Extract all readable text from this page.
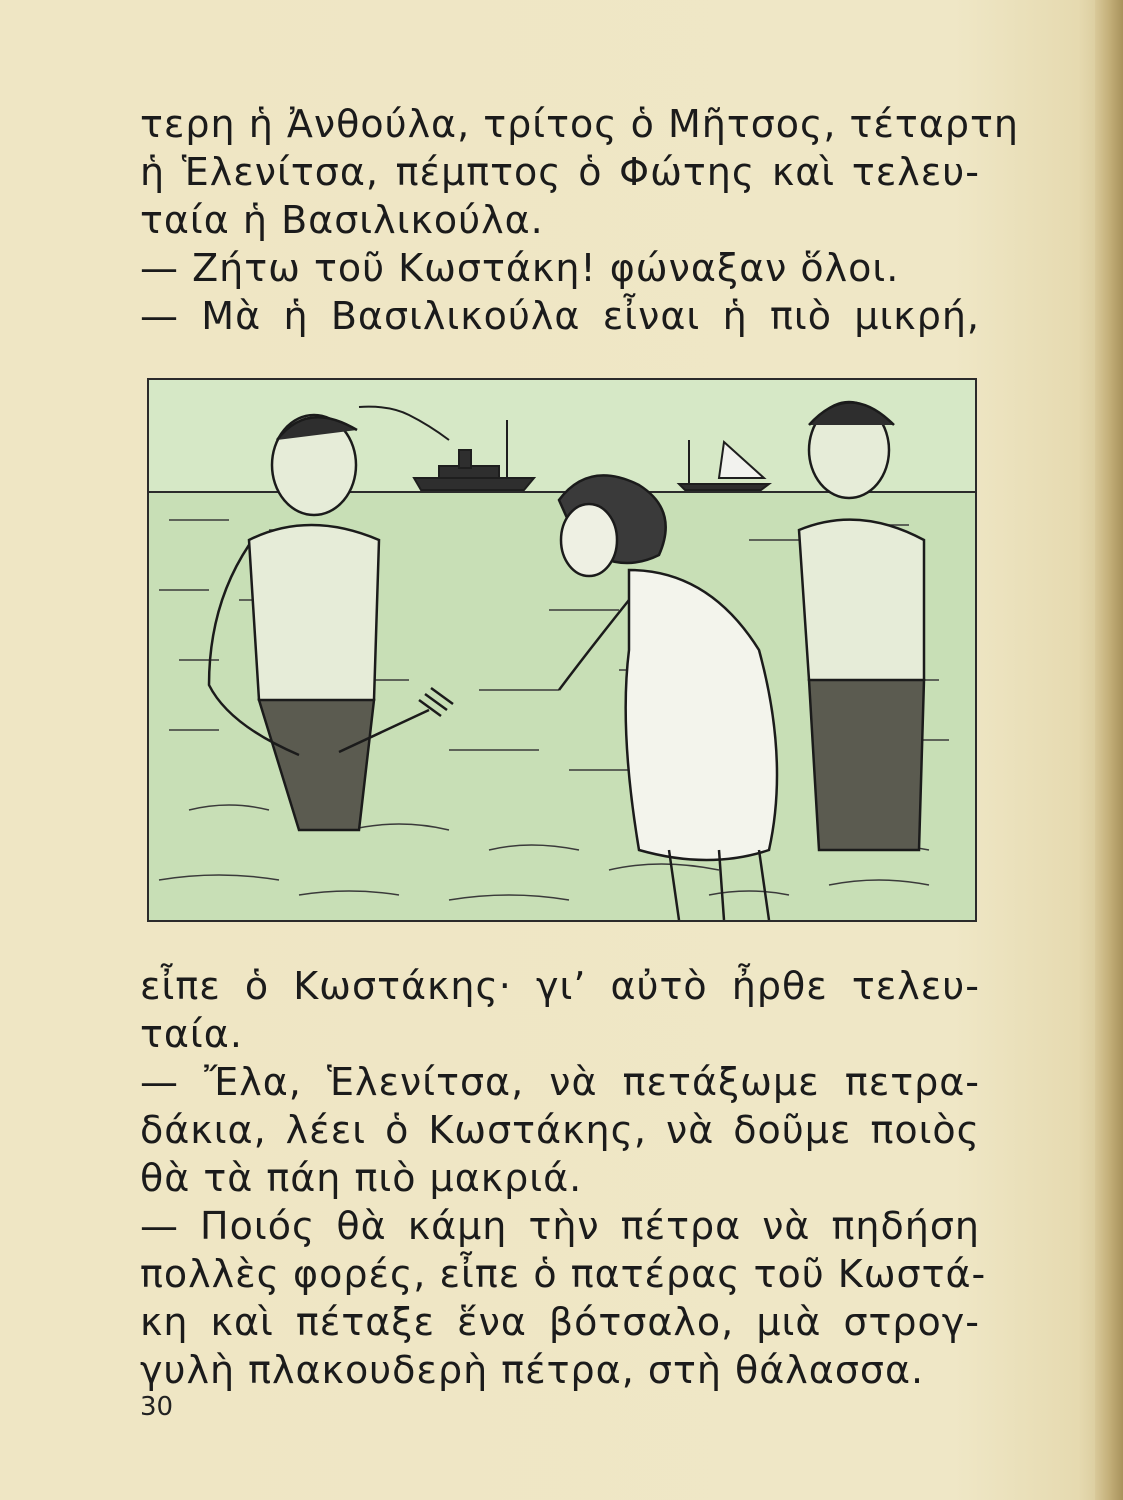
τερη ἡ Ἀνθούλα, τρίτος ὁ Μῆτσος, τέταρτη
ἡ Ἑλενίτσα, πέμπτος ὁ Φώτης καὶ τελευ-
ταία ἡ Βασιλικούλα.
— Ζήτω τοῦ Κωστάκη! φώναξαν ὅλοι.
— Μὰ ἡ Βασιλικούλα εἶναι ἡ πιὸ μικρή,
εἶπε ὁ Κωστάκης· γι’ αὐτὸ ἦρθε τελευ-
ταία.
— Ἔλα, Ἑλενίτσα, νὰ πετάξωμε πετρα-
δάκια, λέει ὁ Κωστάκης, νὰ δοῦμε ποιὸς
θὰ τὰ πάη πιὸ μακριά.
— Ποιός θὰ κάμη τὴν πέτρα νὰ πηδήση
πολλὲς φορές, εἶπε ὁ πατέρας τοῦ Κωστά-
κη καὶ πέταξε ἕνα βότσαλο, μιὰ στρογ-
γυλὴ πλακουδερὴ πέτρα, στὴ θάλασσα.
30
